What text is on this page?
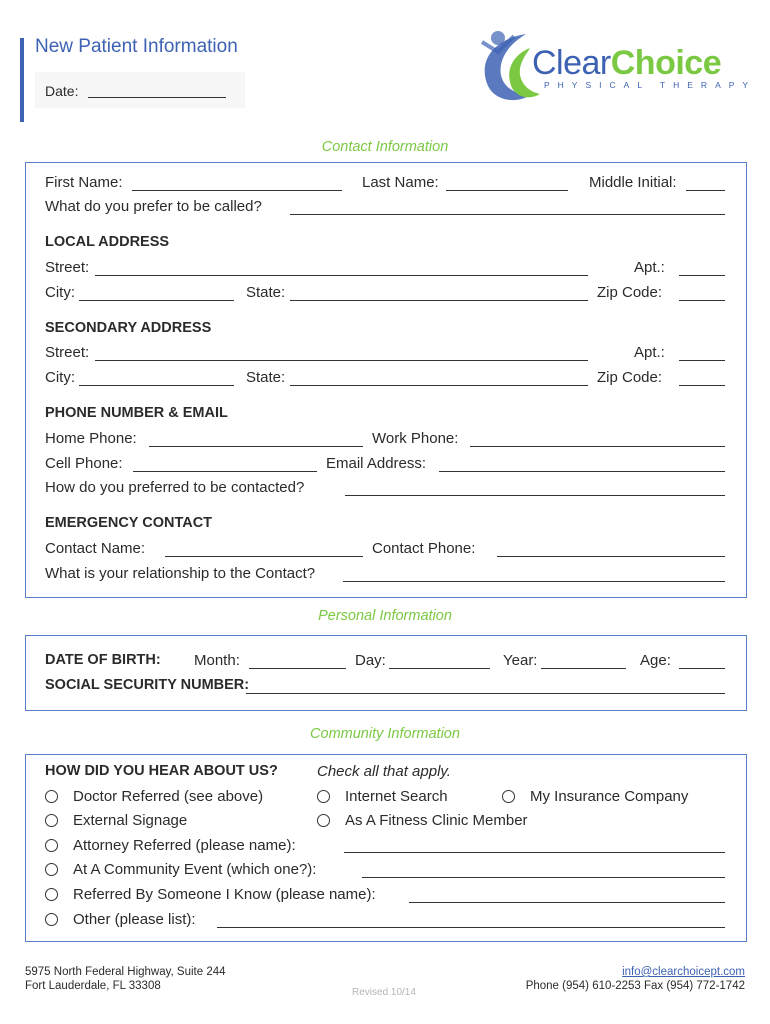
New Patient Information
Date:
ClearChoice
PHYSICAL THERAPY
Contact Information
First Name:	Last Name:	Middle Initial:
What do you prefer to be called?
LOCAL ADDRESS
Street:	Apt.:
City:	State:	Zip Code:
SECONDARY ADDRESS
Street:	Apt.:
City:	State:	Zip Code:
PHONE NUMBER & EMAIL
Home Phone:	Work Phone:
Cell Phone:	Email Address:
How do you preferred to be contacted?
EMERGENCY CONTACT
Contact Name:	Contact Phone:
What is your relationship to the Contact?
Personal Information
DATE OF BIRTH: Month:	Day:	Year:	Age:
SOCIAL SECURITY NUMBER:
Community Information
HOW DID YOU HEAR ABOUT US?	Check all that apply.
Doctor Referred (see above)	Internet Search	My Insurance Company
External Signage	As A Fitness Clinic Member
Attorney Referred (please name):
At A Community Event (which one?):
Referred By Someone I Know (please name):
Other (please list):
5975 North Federal Highway, Suite 244
Fort Lauderdale, FL 33308
Revised 10/14
info@clearchoicept.com
Phone (954) 610-2253 Fax (954) 772-1742
